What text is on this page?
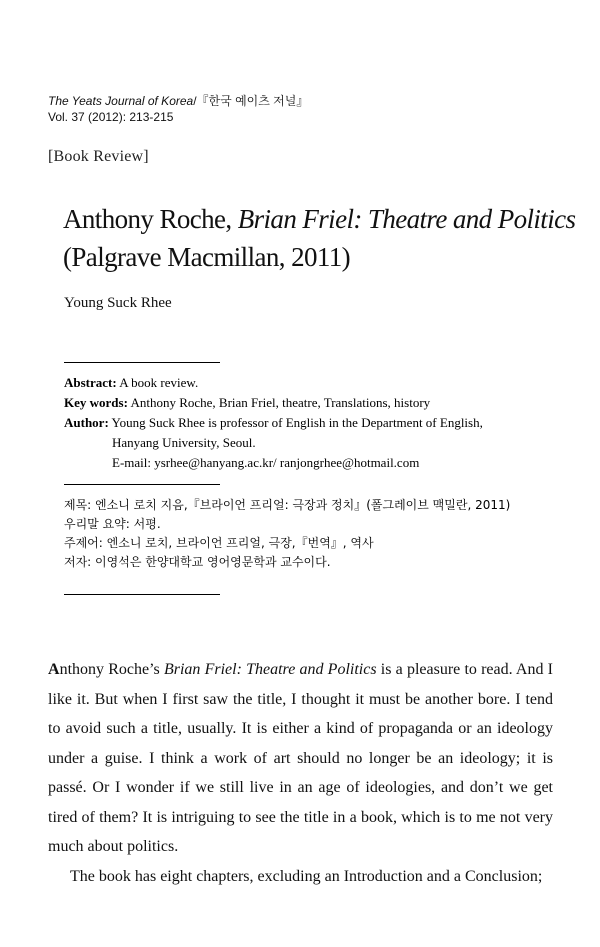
The Yeats Journal of Korea/『한국 예이츠 저널』
Vol. 37 (2012): 213-215
[Book Review]
Anthony Roche, Brian Friel: Theatre and Politics
(Palgrave Macmillan, 2011)
Young Suck Rhee
Abstract: A book review.
Key words: Anthony Roche, Brian Friel, theatre, Translations, history
Author: Young Suck Rhee is professor of English in the Department of English,
Hanyang University, Seoul.
E-mail: ysrhee@hanyang.ac.kr/ ranjongrhee@hotmail.com
제목: 엔소니 로치 지음,『브라이언 프리얼: 극장과 정치』(폴그레이브 맥밀란, 2011)
우리말 요약: 서평.
주제어: 엔소니 로치, 브라이언 프리얼, 극장,『번역』, 역사
저자: 이영석은 한양대학교 영어영문학과 교수이다.

Anthony Roche’s Brian Friel: Theatre and Politics is a pleasure to read. And I like it. But when I first saw the title, I thought it must be another bore. I tend to avoid such a title, usually. It is either a kind of propaganda or an ideology under a guise. I think a work of art should no longer be an ideology; it is passé. Or I wonder if we still live in an age of ideologies, and don’t we get tired of them? It is intriguing to see the title in a book, which is to me not very much about politics.

The book has eight chapters, excluding an Introduction and a Conclusion;
